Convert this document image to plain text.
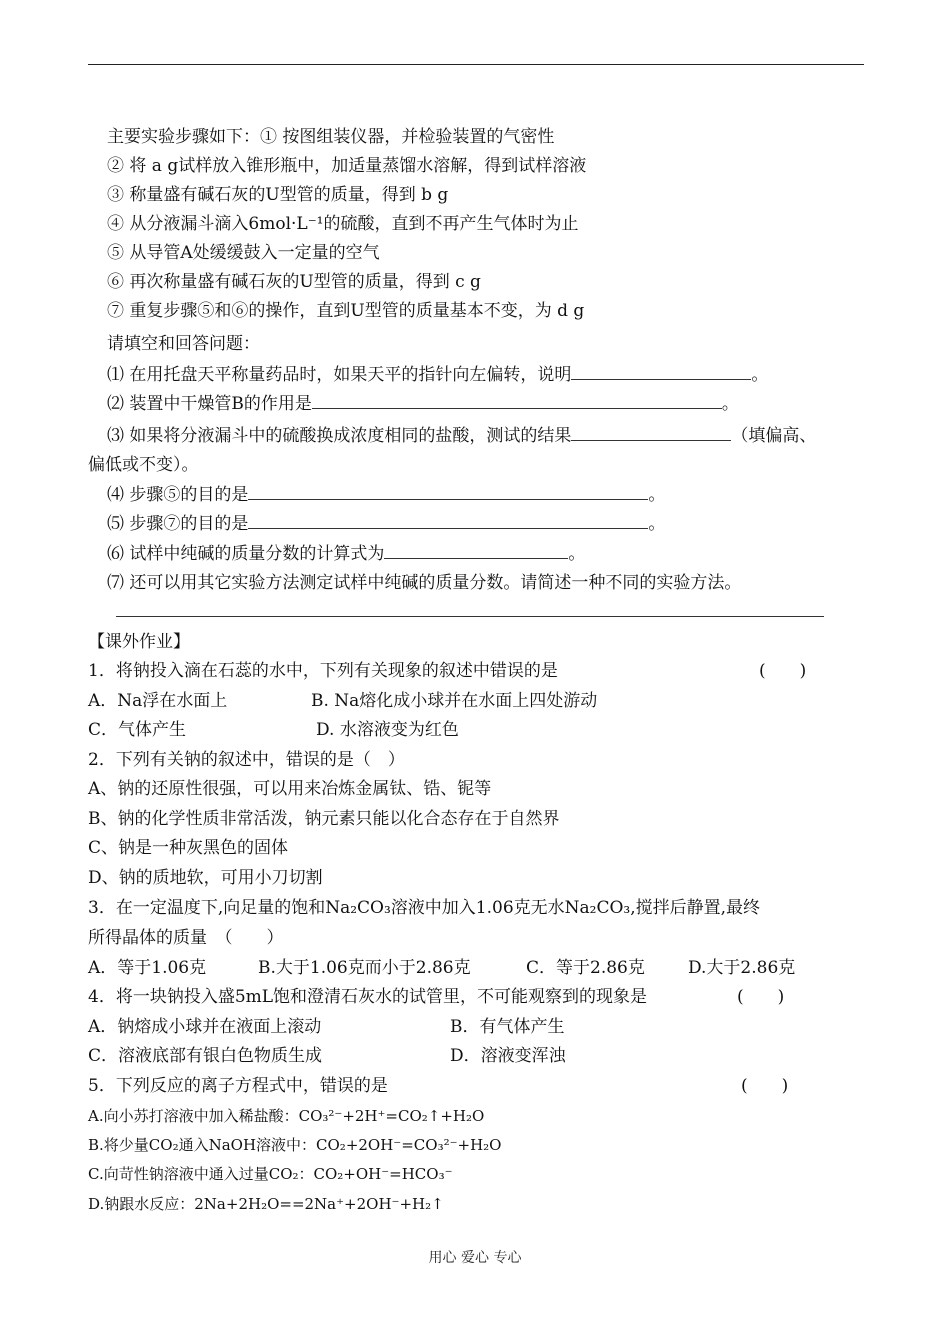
主要实验步骤如下：① 按图组装仪器，并检验装置的气密性
② 将 a g试样放入锥形瓶中，加适量蒸馏水溶解，得到试样溶液
③ 称量盛有碱石灰的U型管的质量，得到 b g
④ 从分液漏斗滴入6mol·L⁻¹的硫酸，直到不再产生气体时为止
⑤ 从导管A处缓缓鼓入一定量的空气
⑥ 再次称量盛有碱石灰的U型管的质量，得到 c g
⑦ 重复步骤⑤和⑥的操作，直到U型管的质量基本不变，为 d g
请填空和回答问题：
⑴ 在用托盘天平称量药品时，如果天平的指针向左偏转，说明	。
⑵ 装置中干燥管B的作用是	。
⑶ 如果将分液漏斗中的硫酸换成浓度相同的盐酸，测试的结果	（填偏高、
偏低或不变）。
⑷ 步骤⑤的目的是	。
⑸ 步骤⑦的目的是	。
⑹ 试样中纯碱的质量分数的计算式为	。
⑺ 还可以用其它实验方法测定试样中纯碱的质量分数。请简述一种不同的实验方法。
【课外作业】
1．将钠投入滴在石蕊的水中，下列有关现象的叙述中错误的是	(　　)
A．Na浮在水面上	B. Na熔化成小球并在水面上四处游动
C．气体产生	D. 水溶液变为红色
2．下列有关钠的叙述中，错误的是（　）
A、钠的还原性很强，可以用来冶炼金属钛、锆、铌等
B、钠的化学性质非常活泼，钠元素只能以化合态存在于自然界
C、钠是一种灰黑色的固体
D、钠的质地软，可用小刀切割
3．在一定温度下,向足量的饱和Na₂CO₃溶液中加入1.06克无水Na₂CO₃,搅拌后静置,最终
所得晶体的质量　（　　）
A．等于1.06克	B.大于1.06克而小于2.86克	C．等于2.86克	D.大于2.86克
4．将一块钠投入盛5mL饱和澄清石灰水的试管里，不可能观察到的现象是	(　　)
A．钠熔成小球并在液面上滚动	B．有气体产生
C．溶液底部有银白色物质生成	D．溶液变浑浊
5．下列反应的离子方程式中，错误的是	(　　)
A.向小苏打溶液中加入稀盐酸：CO₃²⁻+2H⁺=CO₂↑+H₂O
B.将少量CO₂通入NaOH溶液中：CO₂+2OH⁻=CO₃²⁻+H₂O
C.向苛性钠溶液中通入过量CO₂：CO₂+OH⁻=HCO₃⁻
D.钠跟水反应：2Na+2H₂O==2Na⁺+2OH⁻+H₂↑
用心 爱心 专心
